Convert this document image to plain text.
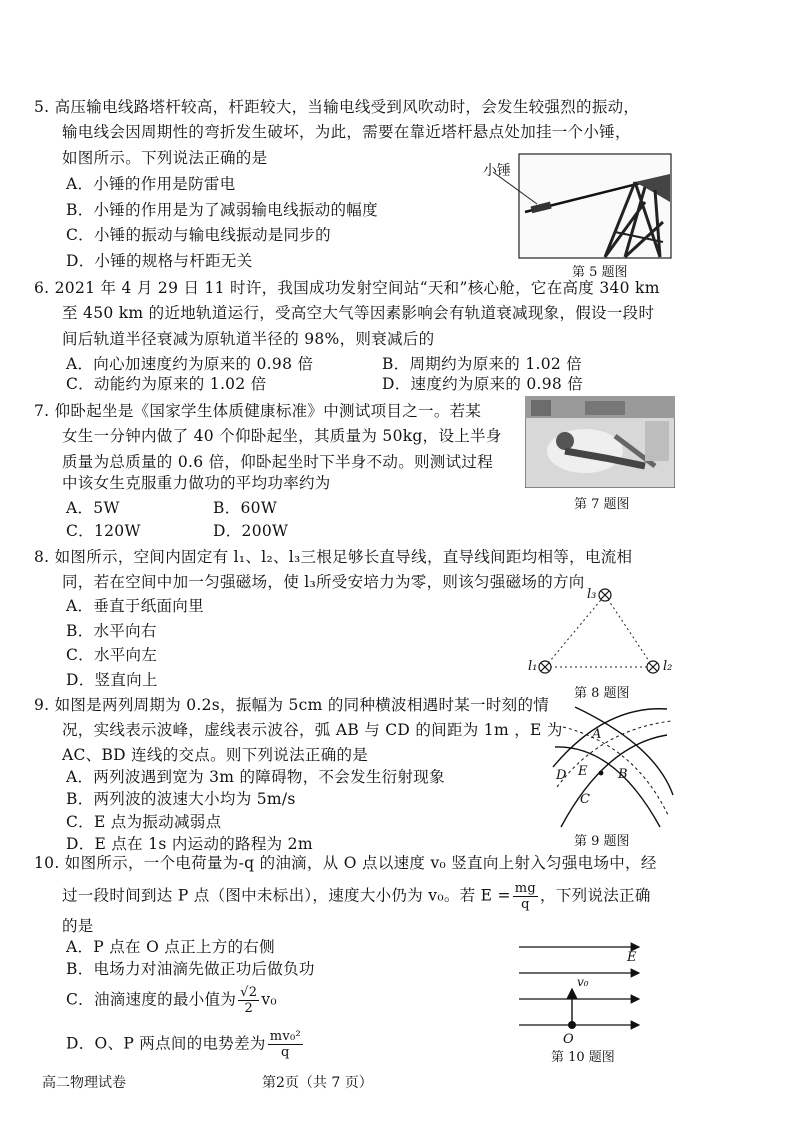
5. 高压输电线路塔杆较高，杆距较大，当输电线受到风吹动时，会发生较强烈的振动，
输电线会因周期性的弯折发生破坏，为此，需要在靠近塔杆悬点处加挂一个小锤，
如图所示。下列说法正确的是
A．小锤的作用是防雷电
B．小锤的作用是为了减弱输电线振动的幅度
C．小锤的振动与输电线振动是同步的
D．小锤的规格与杆距无关
小锤
第 5 题图
6. 2021 年 4 月 29 日 11 时许，我国成功发射空间站“天和”核心舱，它在高度 340 km
至 450 km 的近地轨道运行，受高空大气等因素影响会有轨道衰减现象，假设一段时
间后轨道半径衰减为原轨道半径的 98%，则衰减后的
A．向心加速度约为原来的 0.98 倍	B．周期约为原来的 1.02 倍
C．动能约为原来的 1.02 倍	D．速度约为原来的 0.98 倍
7. 仰卧起坐是《国家学生体质健康标准》中测试项目之一。若某
女生一分钟内做了 40 个仰卧起坐，其质量为 50kg，设上半身
质量为总质量的 0.6 倍，仰卧起坐时下半身不动。则测试过程
中该女生克服重力做功的平均功率约为
A．5W	B．60W
C．120W	D．200W
第 7 题图
8. 如图所示，空间内固定有 l₁、l₂、l₃三根足够长直导线，直导线间距均相等，电流相
同，若在空间中加一匀强磁场，使 l₃所受安培力为零，则该匀强磁场的方向
A．垂直于纸面向里
B．水平向右
C．水平向左
D．竖直向上
l₃
l₁	l₂
第 8 题图
9. 如图是两列周期为 0.2s，振幅为 5cm 的同种横波相遇时某一时刻的情
况，实线表示波峰，虚线表示波谷，弧 AB 与 CD 的间距为 1m ，E 为
AC、BD 连线的交点。则下列说法正确的是
A．两列波遇到宽为 3m 的障碍物，不会发生衍射现象
B．两列波的波速大小均为 5m/s
C．E 点为振动减弱点
D．E 点在 1s 内运动的路程为 2m
A
B
C
D E
第 9 题图
10. 如图所示，一个电荷量为-q 的油滴，从 O 点以速度 v₀ 竖直向上射入匀强电场中，经
过一段时间到达 P 点（图中未标出），速度大小仍为 v₀。若 $E = \frac{mg}{q}$ ，下列说法正确
的是
A．P 点在 O 点正上方的右侧
B．电场力对油滴先做正功后做负功
C．油滴速度的最小值为 $\frac{√2}{2} v_0$
D．O、P 两点间的电势差为 $\frac{\text{mv₀²}}{q}$
E
v₀
O
第 10 题图
高二物理试卷	第2页（共 7 页）
